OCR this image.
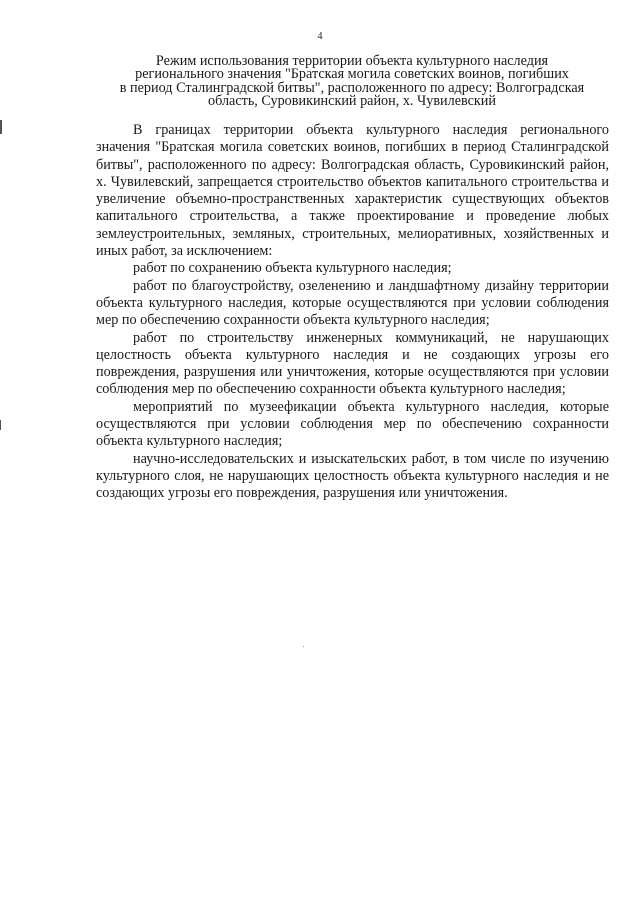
4
Режим использования территории объекта культурного наследия
регионального значения "Братская могила советских воинов, погибших
в период Сталинградской битвы", расположенного по адресу: Волгоградская
область, Суровикинский район, х. Чувилевский

В границах территории объекта культурного наследия регионального значения "Братская могила советских воинов, погибших в период Сталинградской битвы", расположенного по адресу: Волгоградская область, Суровикинский район, х. Чувилевский, запрещается строительство объектов капитального строительства и увеличение объемно-пространственных характеристик существующих объектов капитального строительства, а также проектирование и проведение любых землеустроительных, земляных, строительных, мелиоративных, хозяйственных и иных работ, за исключением:

работ по сохранению объекта культурного наследия;

работ по благоустройству, озеленению и ландшафтному дизайну территории объекта культурного наследия, которые осуществляются при условии соблюдения мер по обеспечению сохранности объекта культурного наследия;

работ по строительству инженерных коммуникаций, не нарушающих целостность объекта культурного наследия и не создающих угрозы его повреждения, разрушения или уничтожения, которые осуществляются при условии соблюдения мер по обеспечению сохранности объекта культурного наследия;

мероприятий по музеефикации объекта культурного наследия, которые осуществляются при условии соблюдения мер по обеспечению сохранности объекта культурного наследия;

научно-исследовательских и изыскательских работ, в том числе по изучению культурного слоя, не нарушающих целостность объекта культурного наследия и не создающих угрозы его повреждения, разрушения или уничтожения.
